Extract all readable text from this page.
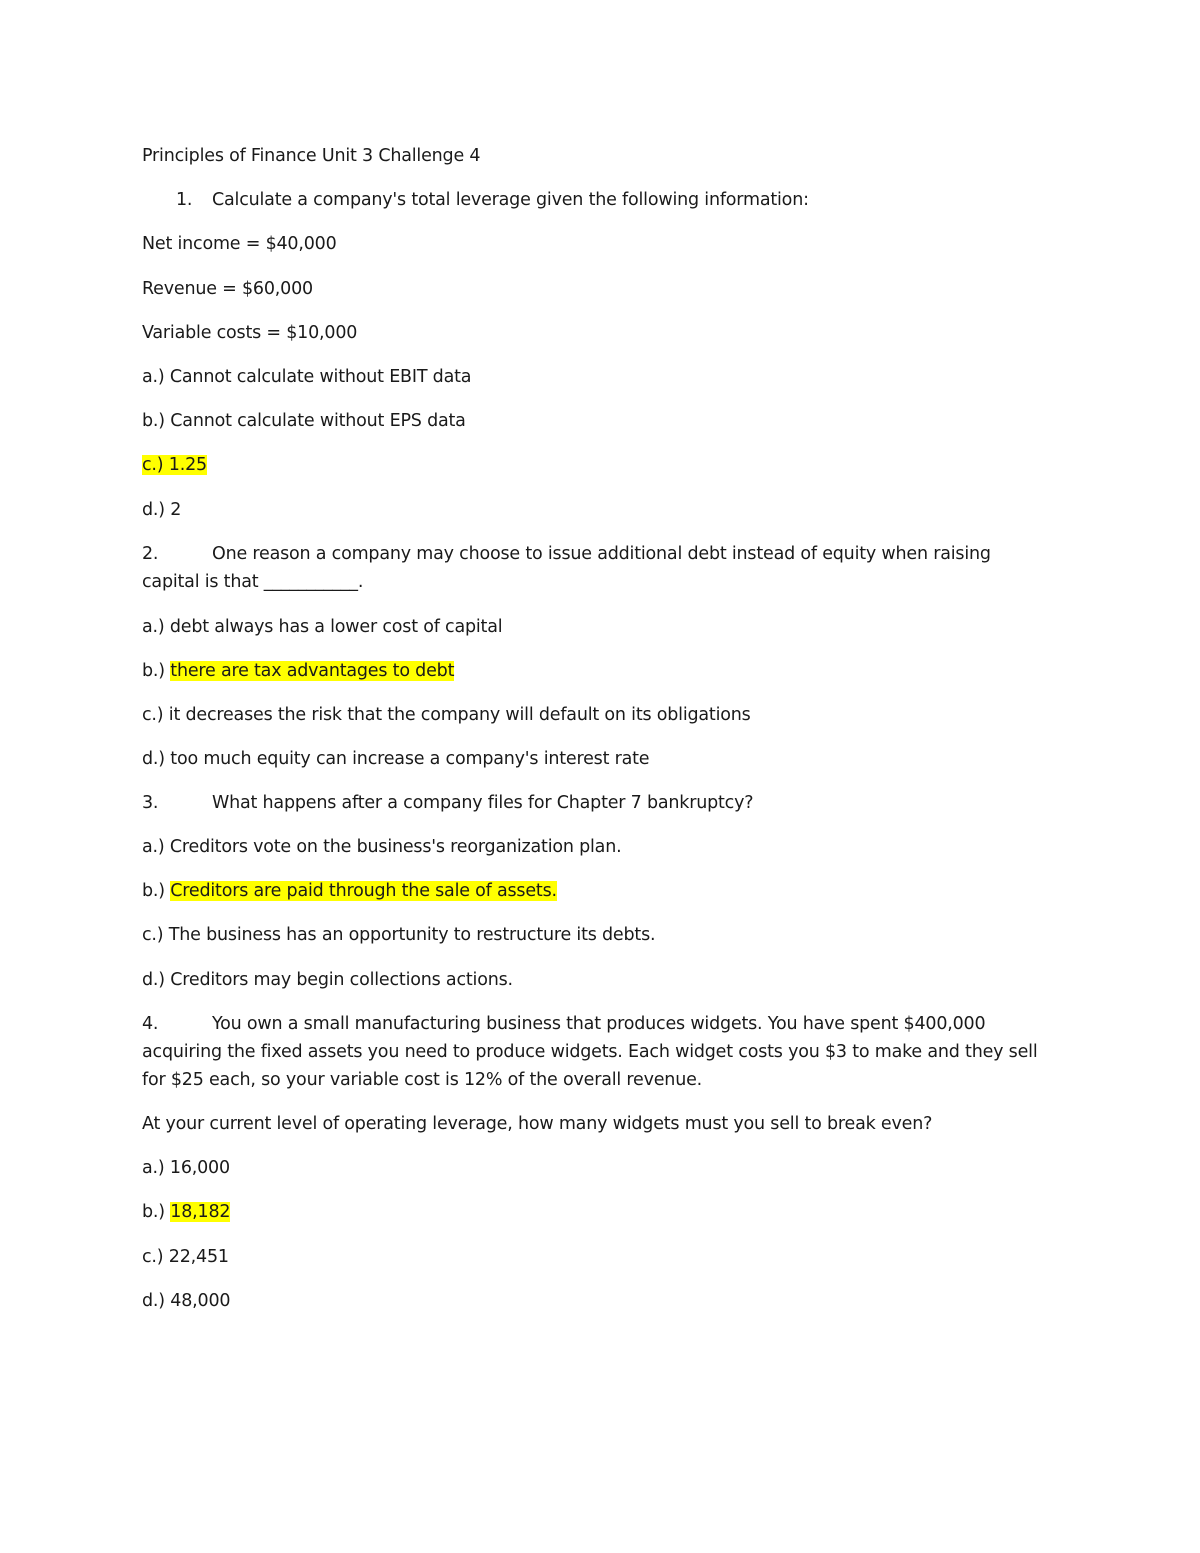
Principles of Finance Unit 3 Challenge 4
1. Calculate a company's total leverage given the following information:
Net income = $40,000
Revenue = $60,000
Variable costs = $10,000
a.) Cannot calculate without EBIT data
b.) Cannot calculate without EPS data
c.) 1.25
d.) 2
2.	One reason a company may choose to issue additional debt instead of equity when raising
capital is that ___________.
a.) debt always has a lower cost of capital
b.) there are tax advantages to debt
c.) it decreases the risk that the company will default on its obligations
d.) too much equity can increase a company's interest rate
3.	What happens after a company files for Chapter 7 bankruptcy?
a.) Creditors vote on the business's reorganization plan.
b.) Creditors are paid through the sale of assets.
c.) The business has an opportunity to restructure its debts.
d.) Creditors may begin collections actions.
4.	You own a small manufacturing business that produces widgets. You have spent $400,000
acquiring the fixed assets you need to produce widgets. Each widget costs you $3 to make and they sell
for $25 each, so your variable cost is 12% of the overall revenue.
At your current level of operating leverage, how many widgets must you sell to break even?
a.) 16,000
b.) 18,182
c.) 22,451
d.) 48,000
